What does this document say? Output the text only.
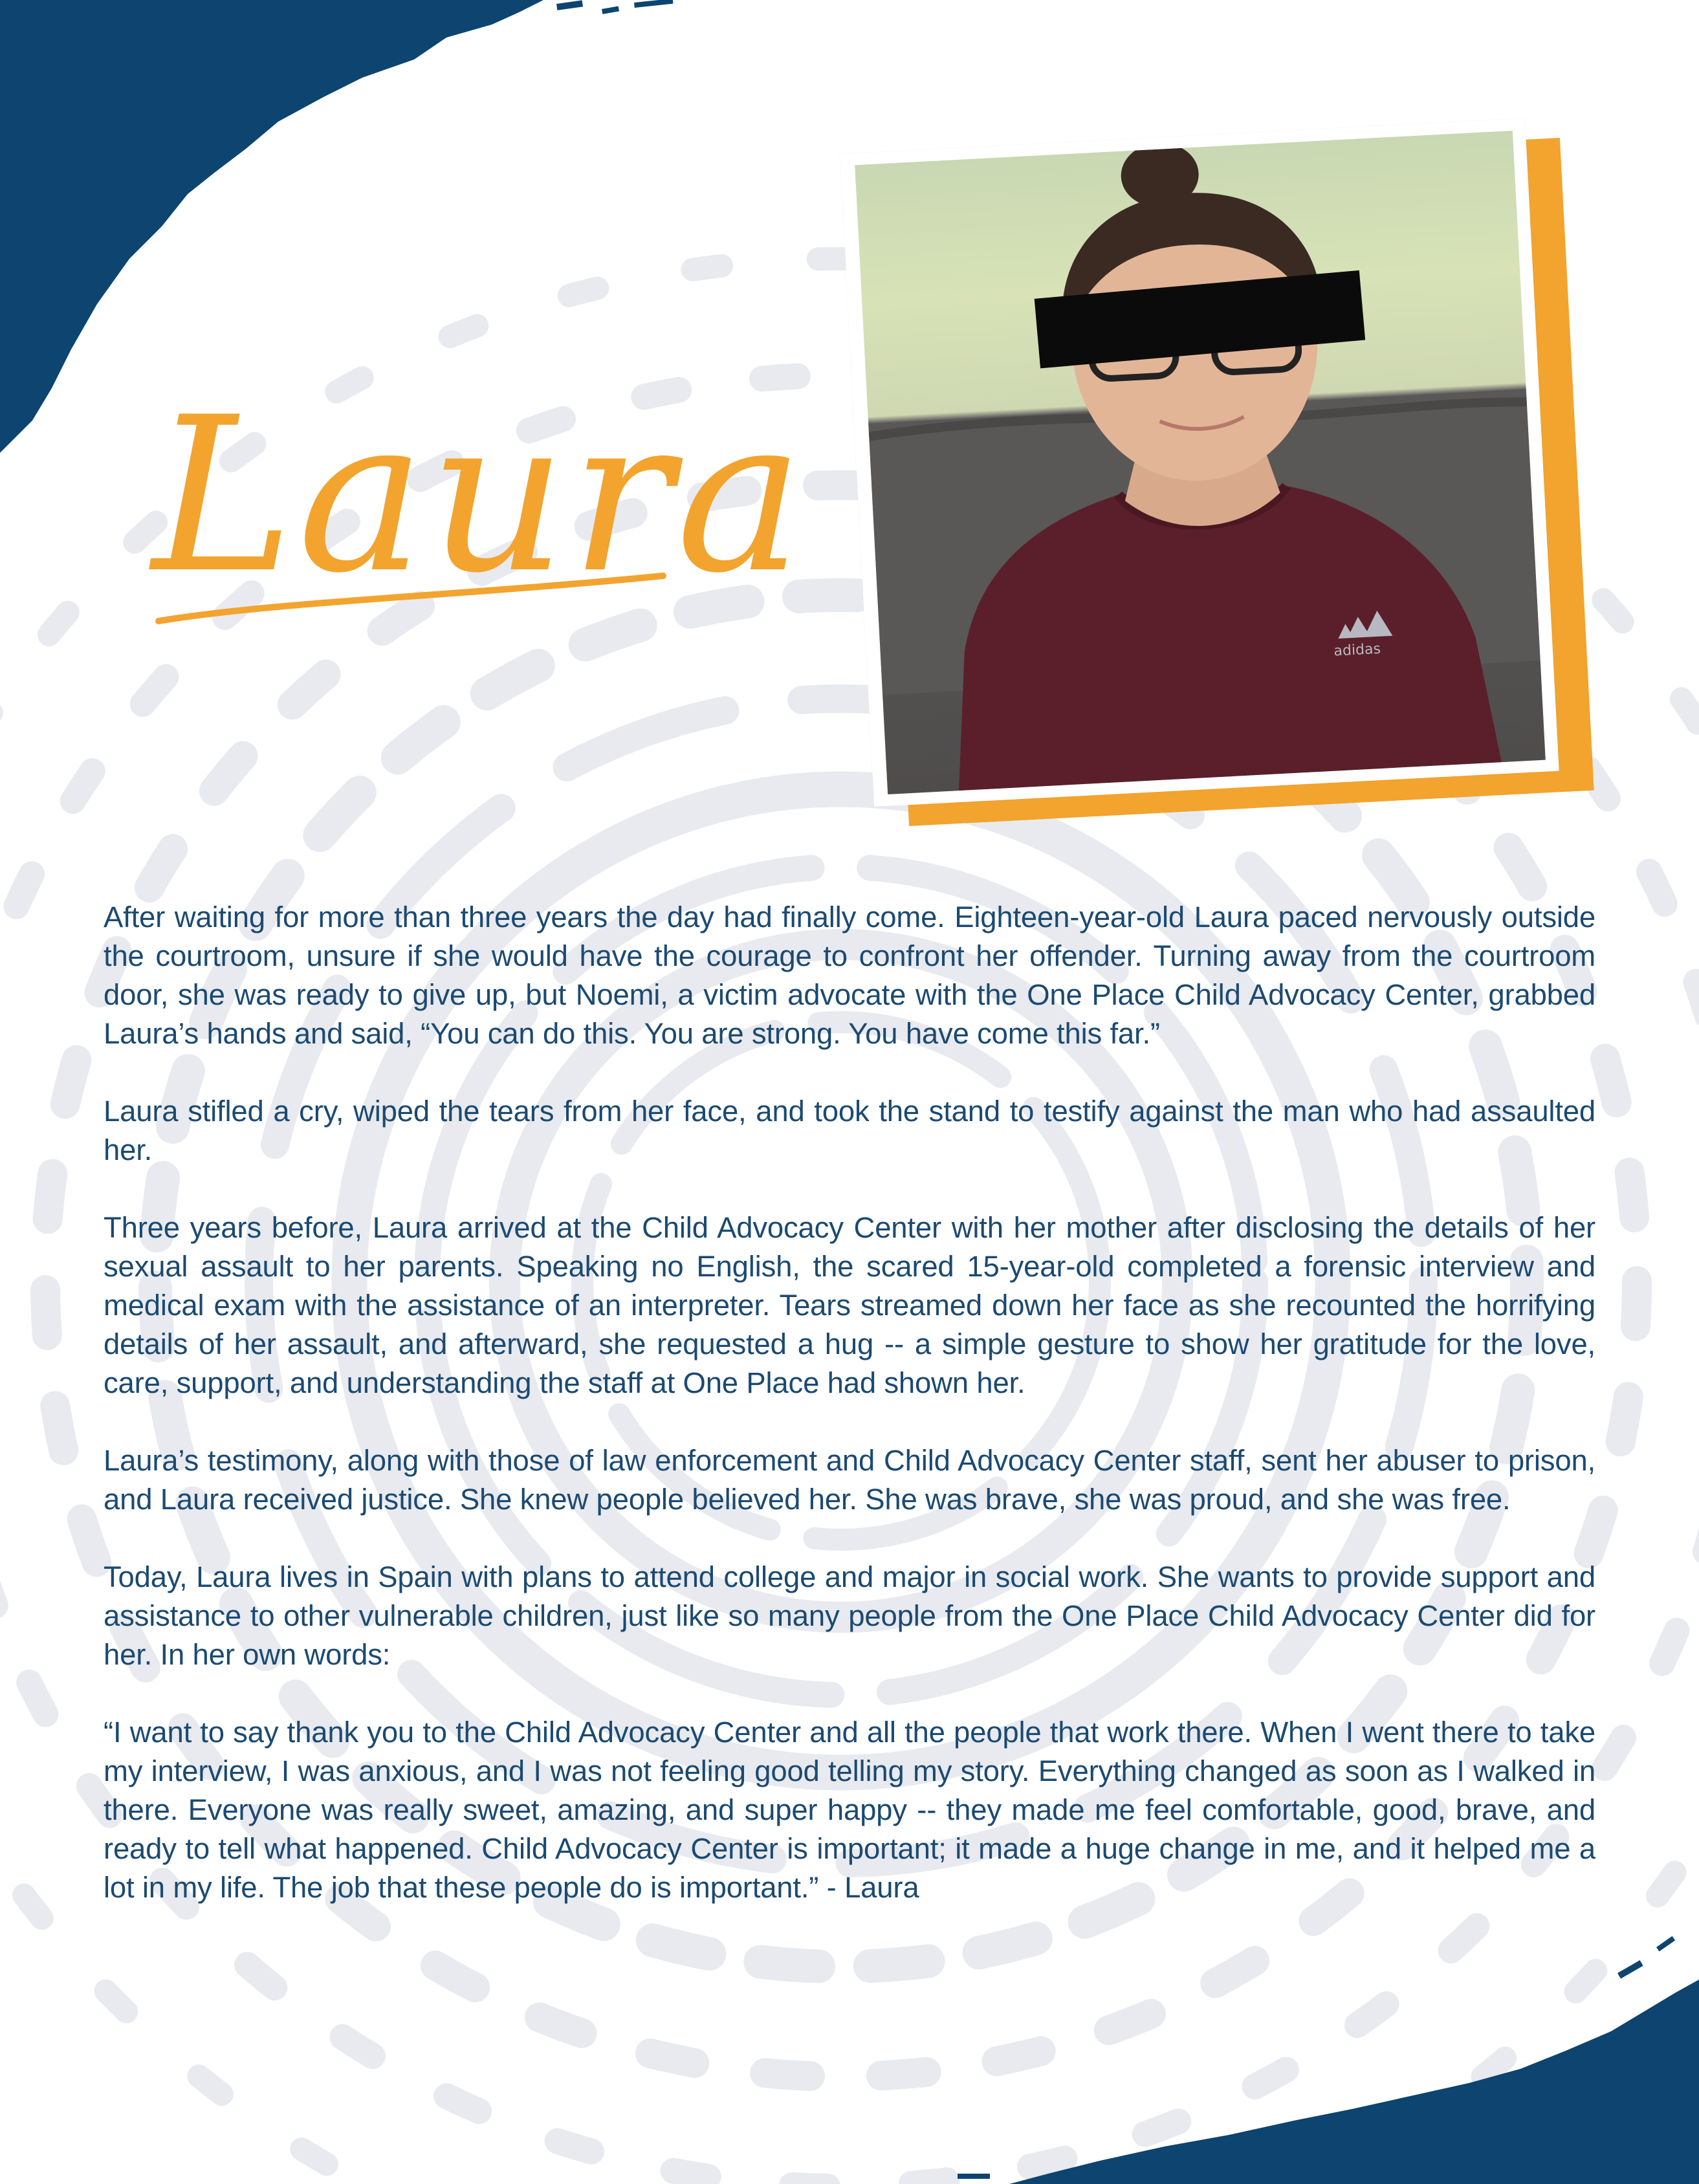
Laura
adidas

After waiting for more than three years the day had finally come. Eighteen-year-old Laura paced nervously outside the courtroom, unsure if she would have the courage to confront her offender. Turning away from the courtroom door, she was ready to give up, but Noemi, a victim advocate with the One Place Child Advocacy Center, grabbed Laura’s hands and said, “You can do this. You are strong. You have come this far.”

Laura stifled a cry, wiped the tears from her face, and took the stand to testify against the man who had assaulted her.

Three years before, Laura arrived at the Child Advocacy Center with her mother after disclosing the details of her sexual assault to her parents. Speaking no English, the scared 15-year-old completed a forensic interview and medical exam with the assistance of an interpreter. Tears streamed down her face as she recounted the horrifying details of her assault, and afterward, she requested a hug -- a simple gesture to show her gratitude for the love, care, support, and understanding the staff at One Place had shown her.

Laura’s testimony, along with those of law enforcement and Child Advocacy Center staff, sent her abuser to prison, and Laura received justice. She knew people believed her. She was brave, she was proud, and she was free.

Today, Laura lives in Spain with plans to attend college and major in social work. She wants to provide support and assistance to other vulnerable children, just like so many people from the One Place Child Advocacy Center did for her. In her own words:

“I want to say thank you to the Child Advocacy Center and all the people that work there. When I went there to take my interview, I was anxious, and I was not feeling good telling my story. Everything changed as soon as I walked in there. Everyone was really sweet, amazing, and super happy -- they made me feel comfortable, good, brave, and ready to tell what happened. Child Advocacy Center is important; it made a huge change in me, and it helped me a lot in my life. The job that these people do is important.” - Laura
